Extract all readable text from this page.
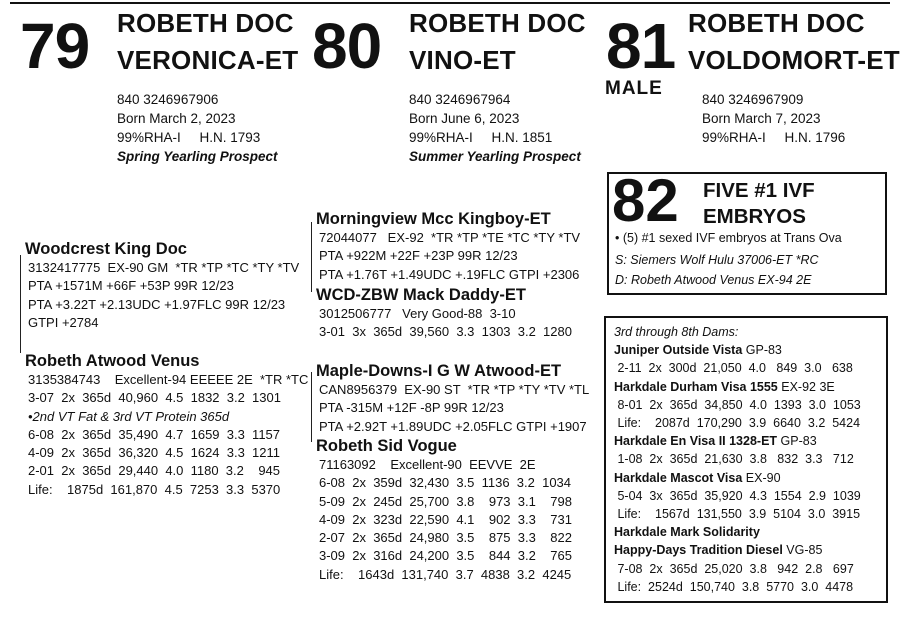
79 ROBETH DOC
VERONICA-ET
840 3246967906
Born March 2, 2023
99%RHA-I     H.N. 1793
Spring Yearling Prospect
80 ROBETH DOC
VINO-ET
840 3246967964
Born June 6, 2023
99%RHA-I     H.N. 1851
Summer Yearling Prospect
81
MALE
ROBETH DOC
VOLDOMORT-ET
840 3246967909
Born March 7, 2023
99%RHA-I     H.N. 1796
82 FIVE #1 IVF
EMBRYOS
• (5) #1 sexed IVF embryos at Trans Ova
S: Siemers Wolf Hulu 37006-ET *RC
D: Robeth Atwood Venus EX-94 2E
Woodcrest King Doc
3132417775  EX-90 GM  *TR *TP *TC *TY *TV
PTA +1571M +66F +53P 99R 12/23
PTA +3.22T +2.13UDC +1.97FLC 99R 12/23
GTPI +2784
Robeth Atwood Venus
3135384743    Excellent-94 EEEEE 2E  *TR *TC
3-07  2x  365d  40,960  4.5  1832  3.2  1301
•2nd VT Fat & 3rd VT Protein 365d
6-08  2x  365d  35,490  4.7  1659  3.3  1157
4-09  2x  365d  36,320  4.5  1624  3.3  1211
2-01  2x  365d  29,440  4.0  1180  3.2    945
Life:    1875d  161,870  4.5  7253  3.3  5370
Morningview Mcc Kingboy-ET
72044077   EX-92  *TR *TP *TE *TC *TY *TV
PTA +922M +22F +23P 99R 12/23
PTA +1.76T +1.49UDC +.19FLC GTPI +2306
WCD-ZBW Mack Daddy-ET
3012506777   Very Good-88  3-10
3-01  3x  365d  39,560  3.3  1303  3.2  1280
Maple-Downs-I G W Atwood-ET
CAN8956379  EX-90 ST  *TR *TP *TY *TV *TL
PTA -315M +12F -8P 99R 12/23
PTA +2.92T +1.89UDC +2.05FLC GTPI +1907
Robeth Sid Vogue
71163092    Excellent-90  EEVVE  2E
6-08  2x  359d  32,430  3.5  1136  3.2  1034
5-09  2x  245d  25,700  3.8    973  3.1    798
4-09  2x  323d  22,590  4.1    902  3.3    731
2-07  2x  365d  24,980  3.5    875  3.3    822
3-09  2x  316d  24,200  3.5    844  3.2    765
Life:    1643d  131,740  3.7  4838  3.2  4245
3rd through 8th Dams:
Juniper Outside Vista GP-83
2-11  2x  300d  21,050  4.0   849  3.0   638
Harkdale Durham Visa 1555 EX-92 3E
8-01  2x  365d  34,850  4.0  1393  3.0  1053
Life:    2087d  170,290  3.9  6640  3.2  5424
Harkdale En Visa II 1328-ET GP-83
1-08  2x  365d  21,630  3.8   832  3.3   712
Harkdale Mascot Visa EX-90
5-04  3x  365d  35,920  4.3  1554  2.9  1039
Life:    1567d  131,550  3.9  5104  3.0  3915
Harkdale Mark Solidarity
Happy-Days Tradition Diesel VG-85
7-08  2x  365d  25,020  3.8   942  2.8   697
Life:  2524d  150,740  3.8  5770  3.0  4478
